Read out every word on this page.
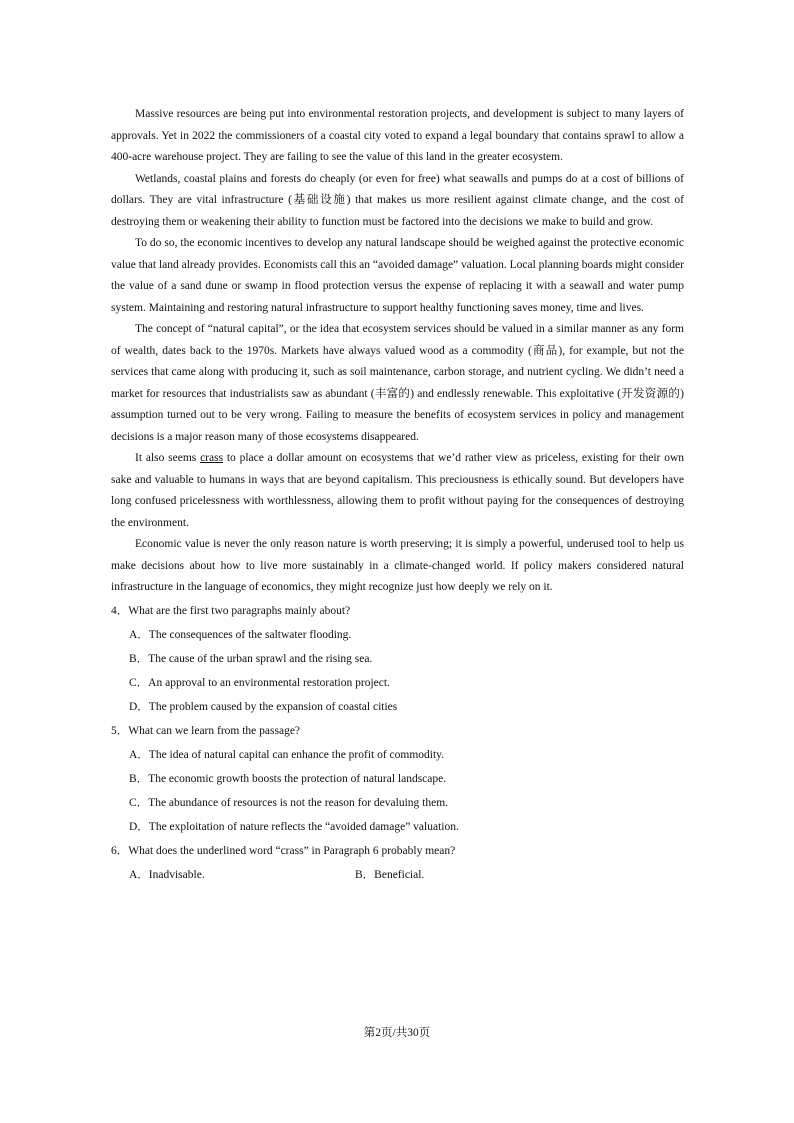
Massive resources are being put into environmental restoration projects, and development is subject to many layers of approvals. Yet in 2022 the commissioners of a coastal city voted to expand a legal boundary that contains sprawl to allow a 400-acre warehouse project. They are failing to see the value of this land in the greater ecosystem.

Wetlands, coastal plains and forests do cheaply (or even for free) what seawalls and pumps do at a cost of billions of dollars. They are vital infrastructure (基础设施) that makes us more resilient against climate change, and the cost of destroying them or weakening their ability to function must be factored into the decisions we make to build and grow.

To do so, the economic incentives to develop any natural landscape should be weighed against the protective economic value that land already provides. Economists call this an “avoided damage” valuation. Local planning boards might consider the value of a sand dune or swamp in flood protection versus the expense of replacing it with a seawall and water pump system. Maintaining and restoring natural infrastructure to support healthy functioning saves money, time and lives.

The concept of “natural capital”, or the idea that ecosystem services should be valued in a similar manner as any form of wealth, dates back to the 1970s. Markets have always valued wood as a commodity (商品), for example, but not the services that came along with producing it, such as soil maintenance, carbon storage, and nutrient cycling. We didn’t need a market for resources that industrialists saw as abundant (丰富的) and endlessly renewable. This exploitative (开发资源的) assumption turned out to be very wrong. Failing to measure the benefits of ecosystem services in policy and management decisions is a major reason many of those ecosystems disappeared.

It also seems crass to place a dollar amount on ecosystems that we’d rather view as priceless, existing for their own sake and valuable to humans in ways that are beyond capitalism. This preciousness is ethically sound. But developers have long confused pricelessness with worthlessness, allowing them to profit without paying for the consequences of destroying the environment.

Economic value is never the only reason nature is worth preserving; it is simply a powerful, underused tool to help us make decisions about how to live more sustainably in a climate-changed world. If policy makers considered natural infrastructure in the language of economics, they might recognize just how deeply we rely on it.

4．What are the first two paragraphs mainly about?
A．The consequences of the saltwater flooding.
B．The cause of the urban sprawl and the rising sea.
C．An approval to an environmental restoration project.
D．The problem caused by the expansion of coastal cities
5．What can we learn from the passage?
A．The idea of natural capital can enhance the profit of commodity.
B．The economic growth boosts the protection of natural landscape.
C．The abundance of resources is not the reason for devaluing them.
D．The exploitation of nature reflects the “avoided damage” valuation.
6．What does the underlined word “crass” in Paragraph 6 probably mean?
A．Inadvisable.	B．Beneficial.
第2页/共30页
